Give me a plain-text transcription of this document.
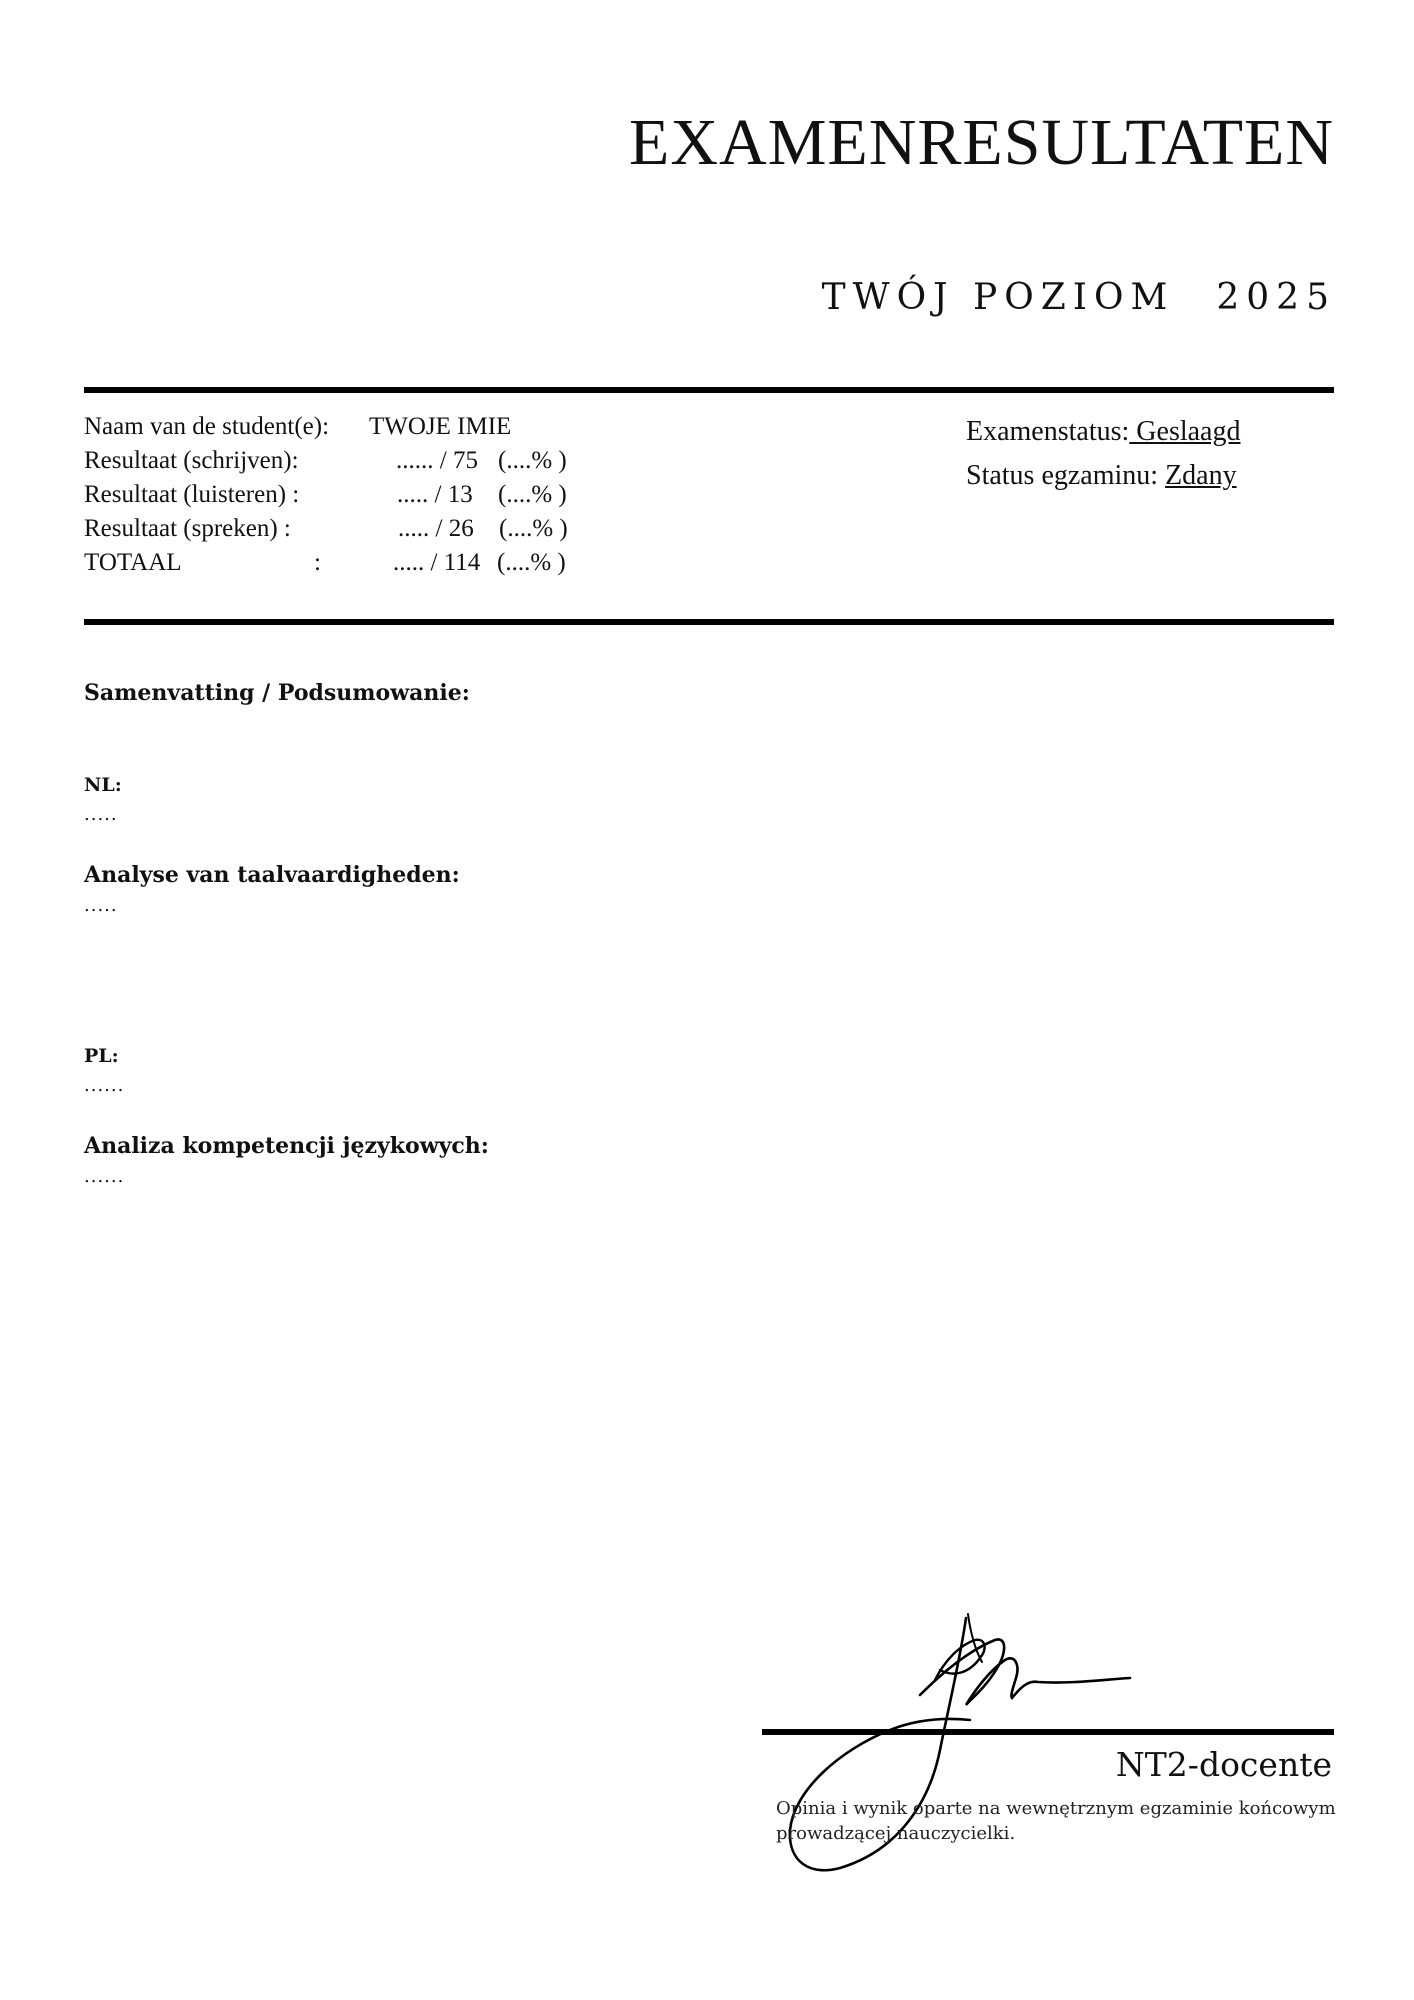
EXAMENRESULTATEN
TWÓJ POZIOM 2025
Naam van de student(e): TWOJE IMIE
Resultaat (schrijven):	...... / 75 (....% )
Resultaat (luisteren) :	..... / 13 (....% )
Resultaat (spreken) :	..... / 26 (....% )
TOTAAL	:	..... / 114 (....% )
Examenstatus: Geslaagd
Status egzaminu: Zdany
Samenvatting / Podsumowanie:
NL:
.....
Analyse van taalvaardigheden:
.....
PL:
......
Analiza kompetencji językowych:
......
NT2-docente
Opinia i wynik oparte na wewnętrznym egzaminie końcowym
prowadzącej nauczycielki.
